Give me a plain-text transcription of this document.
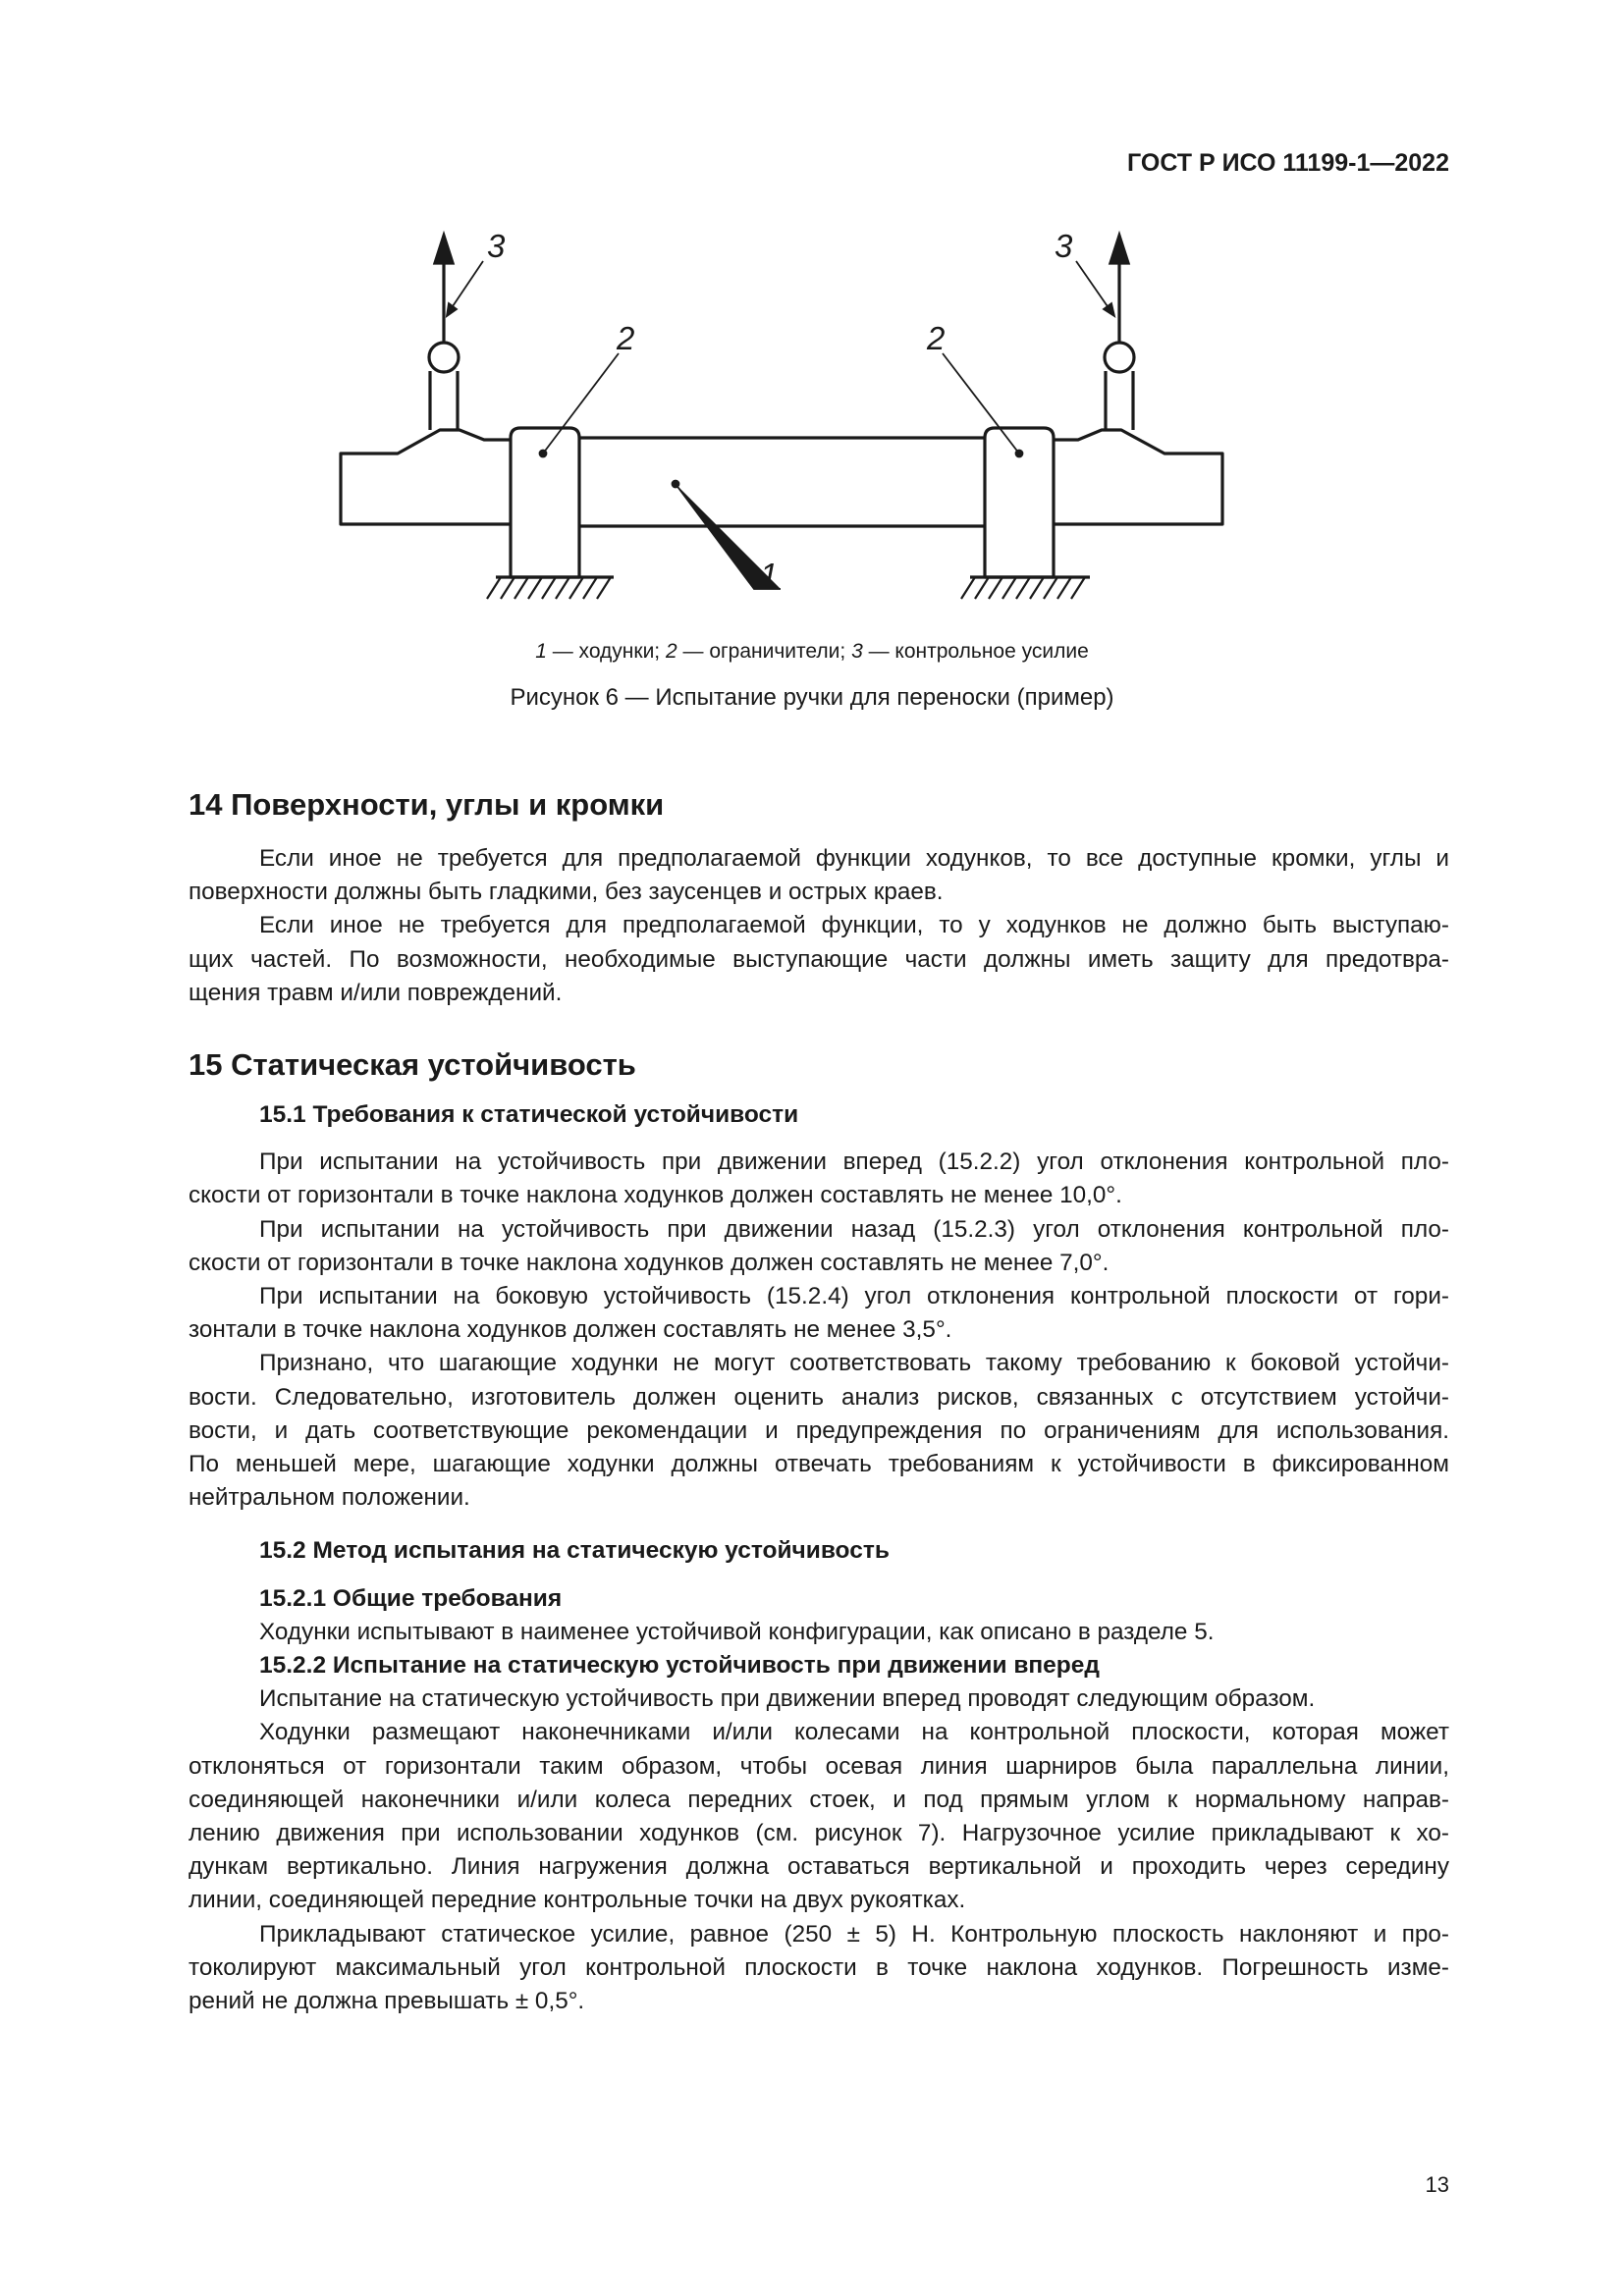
ГОСТ Р ИСО 11199-1—2022
3	3
2	2
1
1 — ходунки; 2 — ограничители; 3 — контрольное усилие
Рисунок 6 — Испытание ручки для переноски (пример)
14 Поверхности, углы и кромки
Если иное не требуется для предполагаемой функции ходунков, то все доступные кромки, углы и
поверхности должны быть гладкими, без заусенцев и острых краев.
Если иное не требуется для предполагаемой функции, то у ходунков не должно быть выступаю-
щих частей. По возможности, необходимые выступающие части должны иметь защиту для предотвра-
щения травм и/или повреждений.
15 Статическая устойчивость
15.1 Требования к статической устойчивости
При испытании на устойчивость при движении вперед (15.2.2) угол отклонения контрольной пло-
скости от горизонтали в точке наклона ходунков должен составлять не менее 10,0°.
При испытании на устойчивость при движении назад (15.2.3) угол отклонения контрольной пло-
скости от горизонтали в точке наклона ходунков должен составлять не менее 7,0°.
При испытании на боковую устойчивость (15.2.4) угол отклонения контрольной плоскости от гори-
зонтали в точке наклона ходунков должен составлять не менее 3,5°.
Признано, что шагающие ходунки не могут соответствовать такому требованию к боковой устойчи-
вости. Следовательно, изготовитель должен оценить анализ рисков, связанных с отсутствием устойчи-
вости, и дать соответствующие рекомендации и предупреждения по ограничениям для использования.
По меньшей мере, шагающие ходунки должны отвечать требованиям к устойчивости в фиксированном
нейтральном положении.
15.2 Метод испытания на статическую устойчивость
15.2.1 Общие требования
Ходунки испытывают в наименее устойчивой конфигурации, как описано в разделе 5.
15.2.2 Испытание на статическую устойчивость при движении вперед
Испытание на статическую устойчивость при движении вперед проводят следующим образом.
Ходунки размещают наконечниками и/или колесами на контрольной плоскости, которая может
отклоняться от горизонтали таким образом, чтобы осевая линия шарниров была параллельна линии,
соединяющей наконечники и/или колеса передних стоек, и под прямым углом к нормальному направ-
лению движения при использовании ходунков (см. рисунок 7). Нагрузочное усилие прикладывают к хо-
дункам вертикально. Линия нагружения должна оставаться вертикальной и проходить через середину
линии, соединяющей передние контрольные точки на двух рукоятках.
Прикладывают статическое усилие, равное (250 ± 5) Н. Контрольную плоскость наклоняют и про-
токолируют максимальный угол контрольной плоскости в точке наклона ходунков. Погрешность изме-
рений не должна превышать ± 0,5°.
13
